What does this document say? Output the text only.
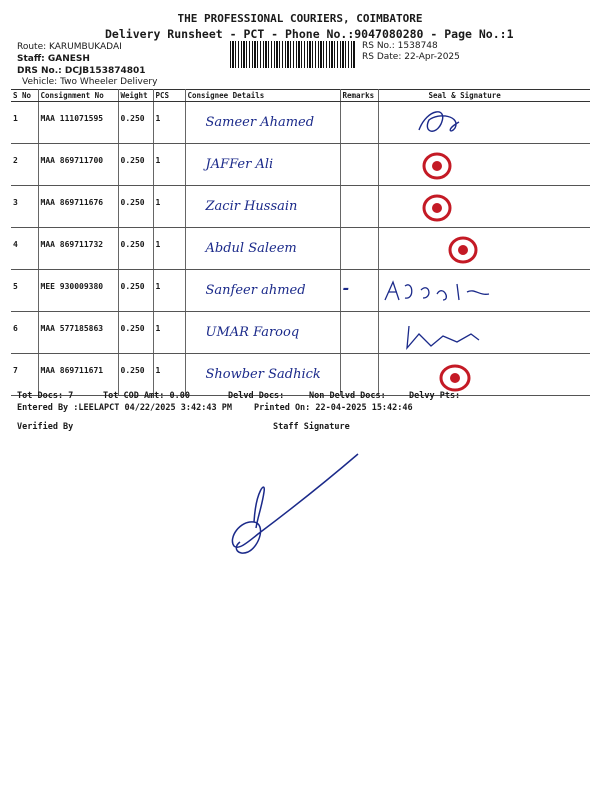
THE PROFESSIONAL COURIERS, COIMBATORE
Delivery Runsheet - PCT - Phone No.:9047080280 - Page No.:1
Route: KARUMBUKADAI
Staff: GANESH
DRS No.: DCJB153874801
Vehicle: Two Wheeler Delivery
RS No.: 1538748
RS Date: 22-Apr-2025
S No	Consignment No	Weight	PCS	Consignee Details	Remarks	Seal & Signature
1	MAA 111071595	0.250	1	Sameer Ahamed

2	MAA 869711700	0.250	1	JAFFer Ali

3	MAA 869711676	0.250	1	Zacir Hussain

4	MAA 869711732	0.250	1	Abdul Saleem

5	MEE 930009380	0.250	1	Sanfeer ahmed	-	

6	MAA 577185863	0.250	1	UMAR Farooq

7	MAA 869711671	0.250	1	Showber Sadhick

Tot Docs: 7	Tot COD Amt: 0.00	Delvd Docs:	Non Delvd Docs:	Delvy Pts:
Entered By :LEELAPCT 04/22/2025 3:42:43 PM	Printed On: 22-04-2025 15:42:46
Verified By	Staff Signature
